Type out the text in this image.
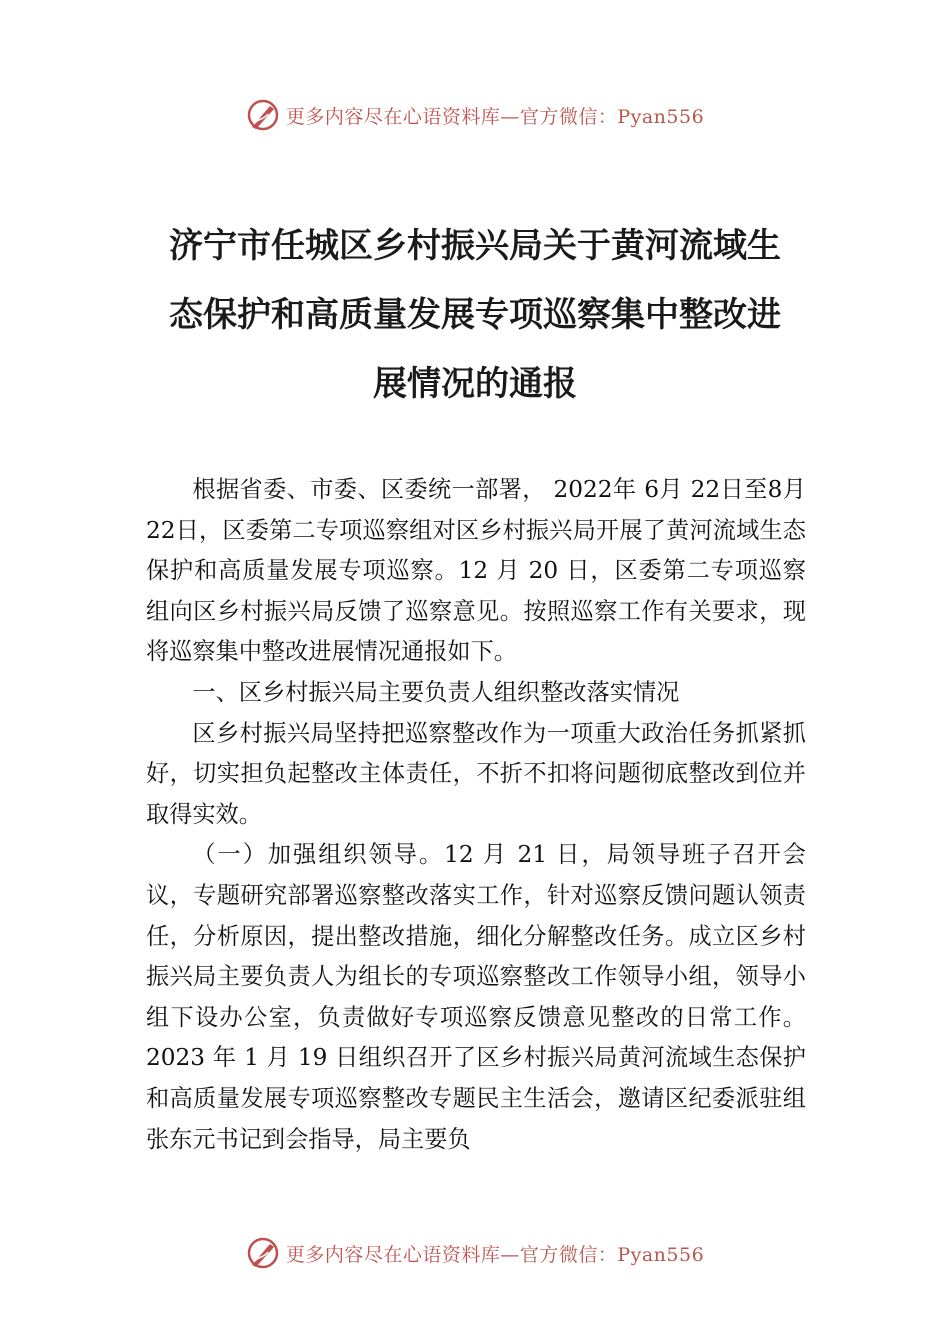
更多内容尽在心语资料库—官方微信：Pyan556
济宁市任城区乡村振兴局关于黄河流域生
态保护和高质量发展专项巡察集中整改进
展情况的通报

根据省委、市委、区委统一部署， 2022年 6月 22日至8月 22日，区委第二专项巡察组对区乡村振兴局开展了黄河流域生态保护和高质量发展专项巡察。12 月 20 日，区委第二专项巡察组向区乡村振兴局反馈了巡察意见。按照巡察工作有关要求，现将巡察集中整改进展情况通报如下。

一、区乡村振兴局主要负责人组织整改落实情况

区乡村振兴局坚持把巡察整改作为一项重大政治任务抓紧抓好，切实担负起整改主体责任，不折不扣将问题彻底整改到位并取得实效。

（一）加强组织领导。12 月 21 日，局领导班子召开会议，专题研究部署巡察整改落实工作，针对巡察反馈问题认领责任，分析原因，提出整改措施，细化分解整改任务。成立区乡村振兴局主要负责人为组长的专项巡察整改工作领导小组，领导小组下设办公室，负责做好专项巡察反馈意见整改的日常工作。2023 年 1 月 19 日组织召开了区乡村振兴局黄河流域生态保护和高质量发展专项巡察整改专题民主生活会，邀请区纪委派驻组张东元书记到会指导，局主要负

更多内容尽在心语资料库—官方微信：Pyan556
